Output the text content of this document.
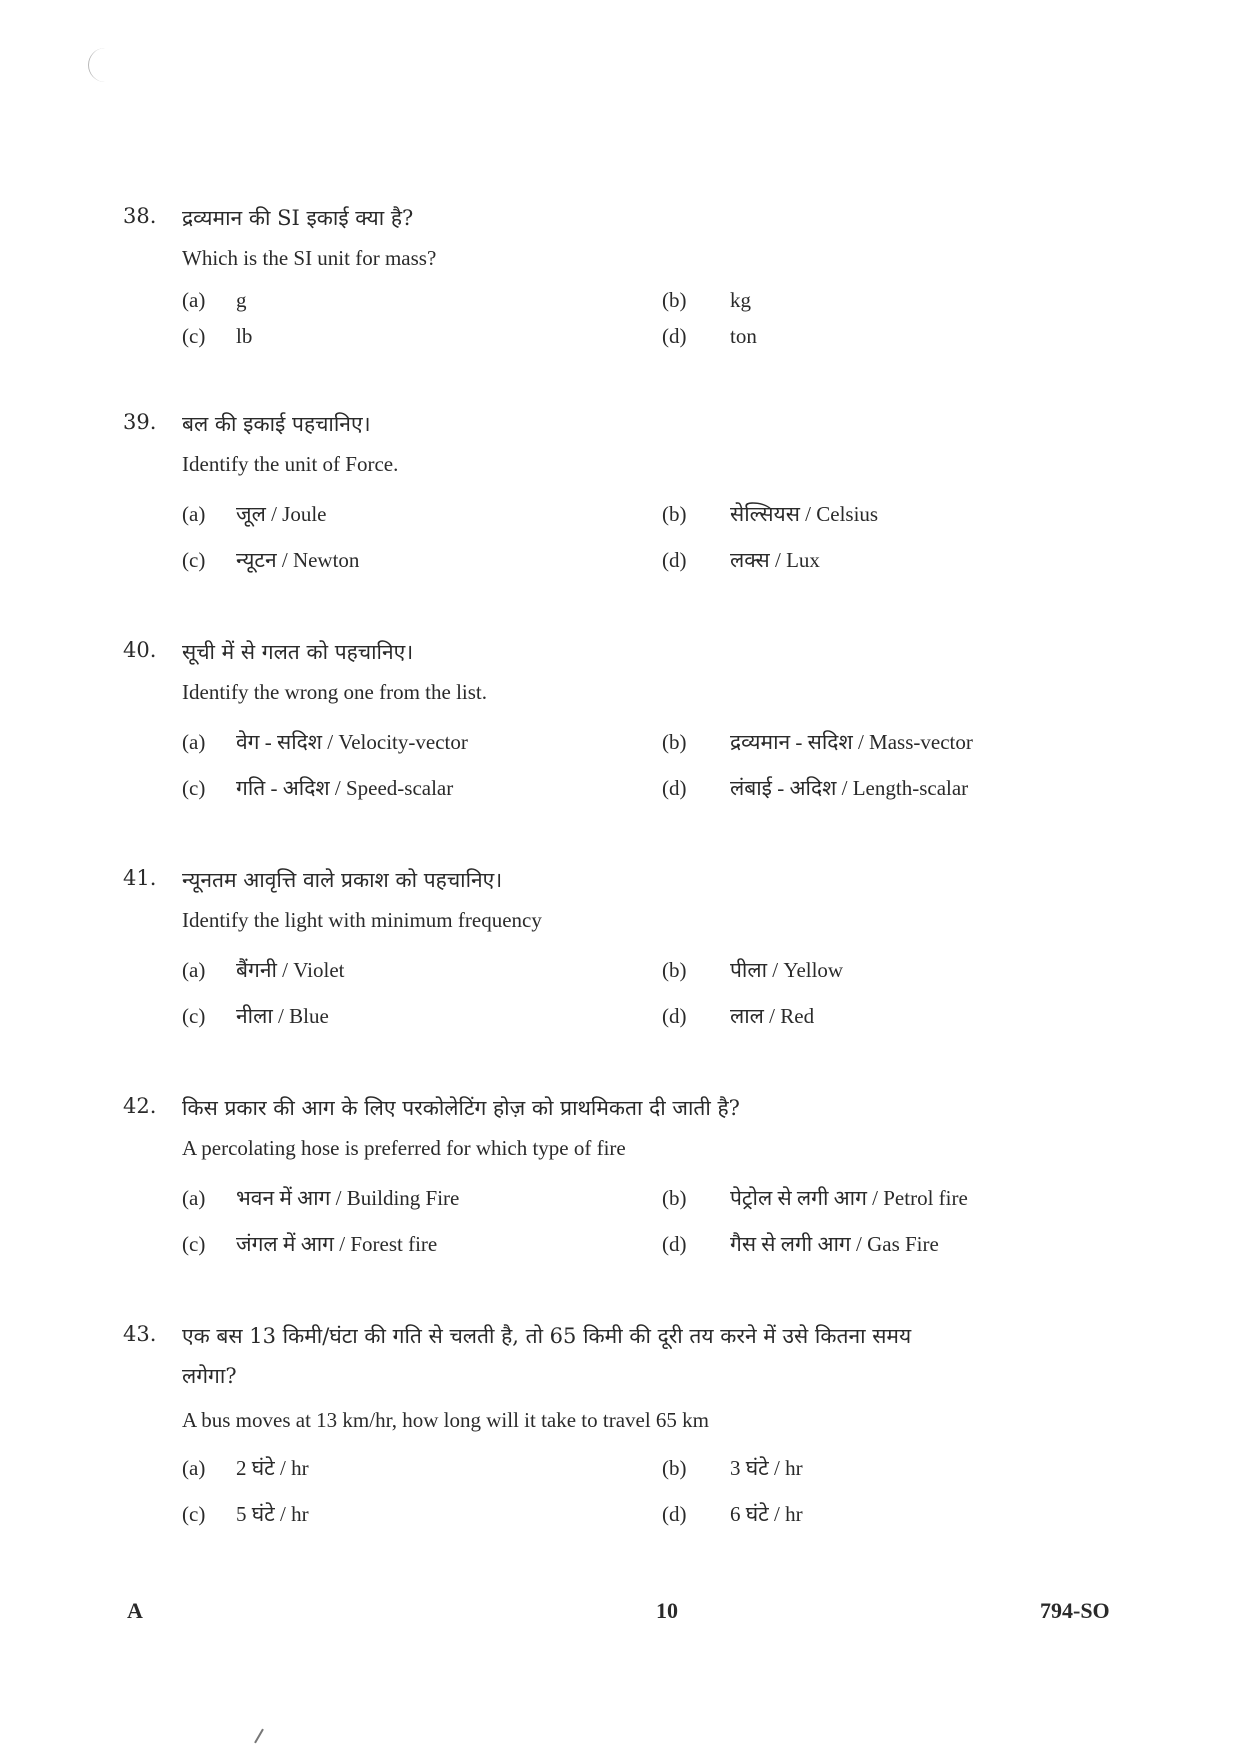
38. द्रव्यमान की SI इकाई क्या है?
Which is the SI unit for mass?
(a) g	(b) kg
(c) lb	(d) ton
39. बल की इकाई पहचानिए।
Identify the unit of Force.
(a) जूल / Joule	(b) सेल्सियस / Celsius
(c) न्यूटन / Newton	(d) लक्स / Lux
40. सूची में से गलत को पहचानिए।
Identify the wrong one from the list.
(a) वेग - सदिश / Velocity-vector	(b) द्रव्यमान - सदिश / Mass-vector
(c) गति - अदिश / Speed-scalar	(d) लंबाई - अदिश / Length-scalar
41. न्यूनतम आवृत्ति वाले प्रकाश को पहचानिए।
Identify the light with minimum frequency
(a) बैंगनी / Violet	(b) पीला / Yellow
(c) नीला / Blue	(d) लाल / Red
42. किस प्रकार की आग के लिए परकोलेटिंग होज़ को प्राथमिकता दी जाती है?
A percolating hose is preferred for which type of fire
(a) भवन में आग / Building Fire	(b) पेट्रोल से लगी आग / Petrol fire
(c) जंगल में आग / Forest fire	(d) गैस से लगी आग / Gas Fire
43. एक बस 13 किमी/घंटा की गति से चलती है, तो 65 किमी की दूरी तय करने में उसे कितना समय
लगेगा?
A bus moves at 13 km/hr, how long will it take to travel 65 km
(a) 2 घंटे / hr	(b) 3 घंटे / hr
(c) 5 घंटे / hr	(d) 6 घंटे / hr
A	10	794-SO
